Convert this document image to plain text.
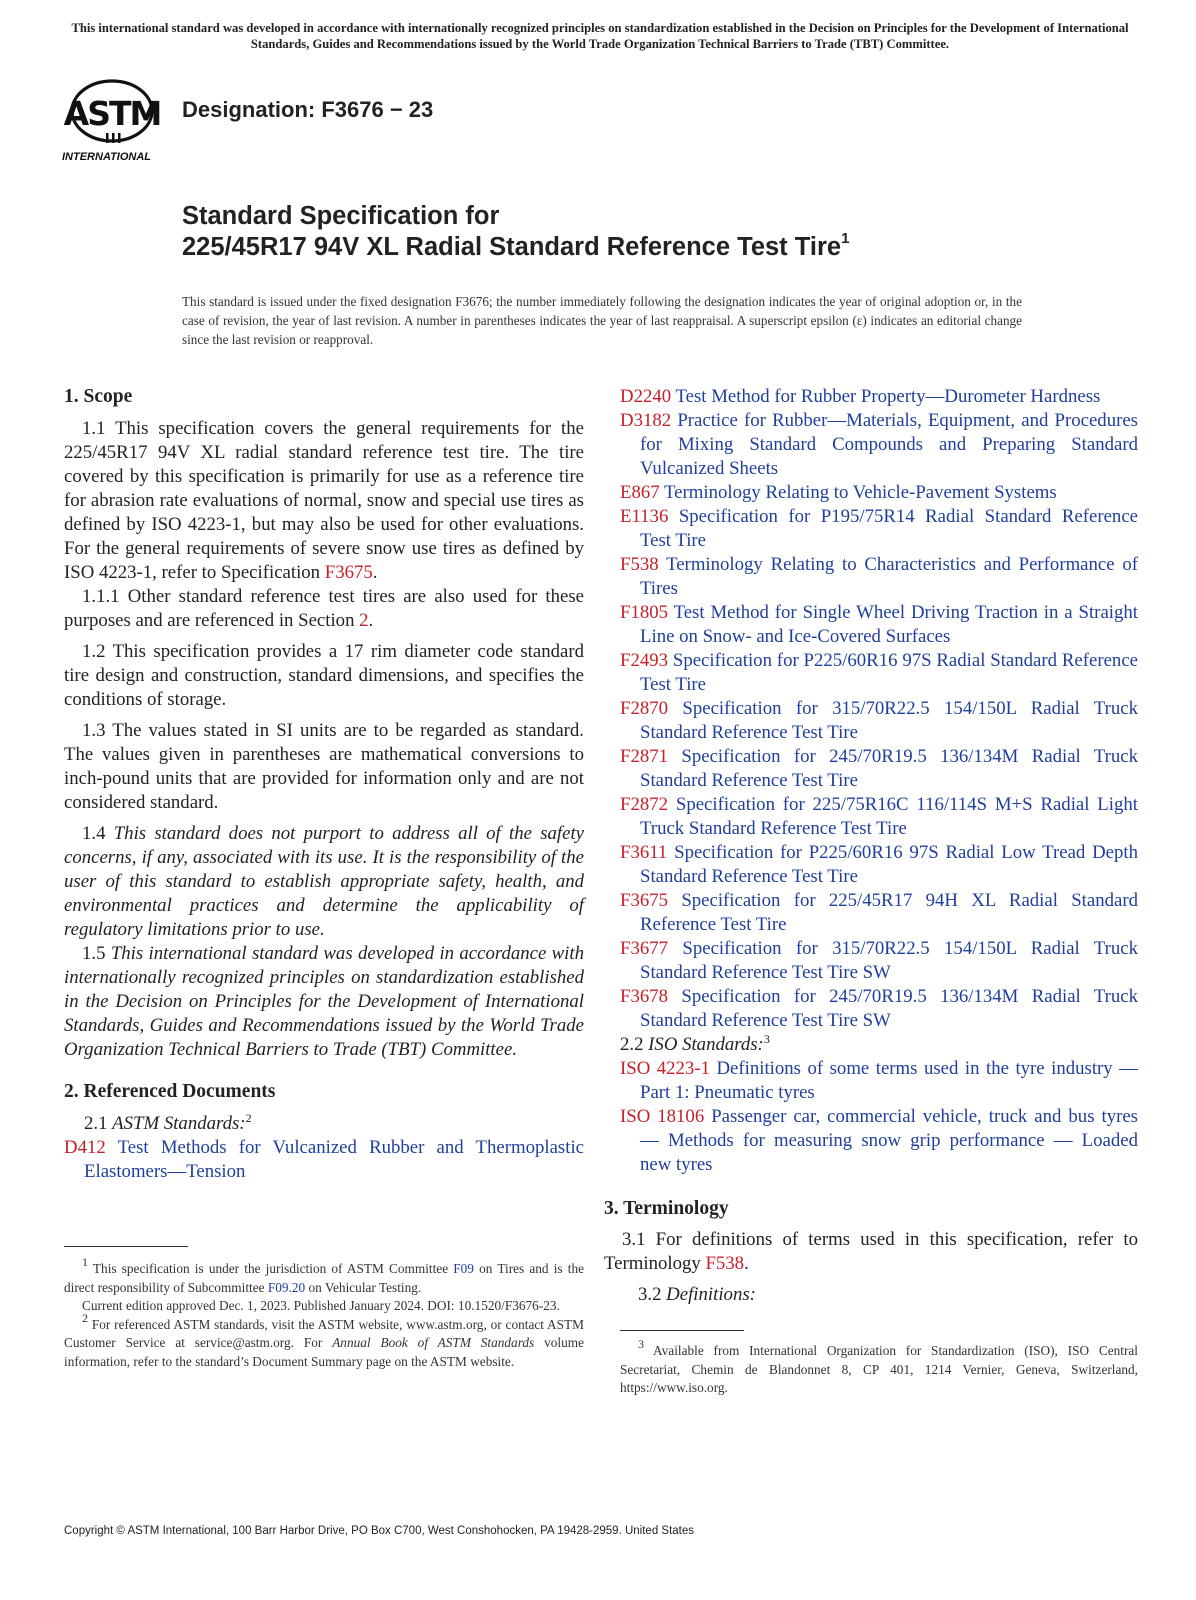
This international standard was developed in accordance with internationally recognized principles on standardization established in the Decision on Principles for the Development of International Standards, Guides and Recommendations issued by the World Trade Organization Technical Barriers to Trade (TBT) Committee.
ASTM
INTERNATIONAL
Designation: F3676 − 23
Standard Specification for
225/45R17 94V XL Radial Standard Reference Test Tire$^1$
This standard is issued under the fixed designation F3676; the number immediately following the designation indicates the year of original adoption or, in the case of revision, the year of last revision. A number in parentheses indicates the year of last reappraisal. A superscript epsilon (ε) indicates an editorial change since the last revision or reapproval.

1. Scope

1.1 This specification covers the general requirements for the 225/45R17 94V XL radial standard reference test tire. The tire covered by this specification is primarily for use as a reference tire for abrasion rate evaluations of normal, snow and special use tires as defined by ISO 4223-1, but may also be used for other evaluations. For the general requirements of severe snow use tires as defined by ISO 4223-1, refer to Specification F3675.

1.1.1 Other standard reference test tires are also used for these purposes and are referenced in Section 2.

1.2 This specification provides a 17 rim diameter code standard tire design and construction, standard dimensions, and specifies the conditions of storage.

1.3 The values stated in SI units are to be regarded as standard. The values given in parentheses are mathematical conversions to inch-pound units that are provided for information only and are not considered standard.

1.4 This standard does not purport to address all of the safety concerns, if any, associated with its use. It is the responsibility of the user of this standard to establish appropriate safety, health, and environmental practices and determine the applicability of regulatory limitations prior to use.

1.5 This international standard was developed in accordance with internationally recognized principles on standardization established in the Decision on Principles for the Development of International Standards, Guides and Recommendations issued by the World Trade Organization Technical Barriers to Trade (TBT) Committee.

2. Referenced Documents

2.1 ASTM Standards:$^2$

D412 Test Methods for Vulcanized Rubber and Thermoplastic Elastomers—Tension

D2240 Test Method for Rubber Property—Durometer Hardness

D3182 Practice for Rubber—Materials, Equipment, and Procedures for Mixing Standard Compounds and Preparing Standard Vulcanized Sheets

E867 Terminology Relating to Vehicle-Pavement Systems

E1136 Specification for P195/75R14 Radial Standard Reference Test Tire

F538 Terminology Relating to Characteristics and Performance of Tires

F1805 Test Method for Single Wheel Driving Traction in a Straight Line on Snow- and Ice-Covered Surfaces

F2493 Specification for P225/60R16 97S Radial Standard Reference Test Tire

F2870 Specification for 315/70R22.5 154/150L Radial Truck Standard Reference Test Tire

F2871 Specification for 245/70R19.5 136/134M Radial Truck Standard Reference Test Tire

F2872 Specification for 225/75R16C 116/114S M+S Radial Light Truck Standard Reference Test Tire

F3611 Specification for P225/60R16 97S Radial Low Tread Depth Standard Reference Test Tire

F3675 Specification for 225/45R17 94H XL Radial Standard Reference Test Tire

F3677 Specification for 315/70R22.5 154/150L Radial Truck Standard Reference Test Tire SW

F3678 Specification for 245/70R19.5 136/134M Radial Truck Standard Reference Test Tire SW

2.2 ISO Standards:$^3$

ISO 4223-1 Definitions of some terms used in the tyre industry — Part 1: Pneumatic tyres

ISO 18106 Passenger car, commercial vehicle, truck and bus tyres — Methods for measuring snow grip performance — Loaded new tyres

3. Terminology

3.1 For definitions of terms used in this specification, refer to Terminology F538.

3.2 Definitions:

$^1$ This specification is under the jurisdiction of ASTM Committee F09 on Tires and is the direct responsibility of Subcommittee F09.20 on Vehicular Testing.

Current edition approved Dec. 1, 2023. Published January 2024. DOI: 10.1520/F3676-23.

$^2$ For referenced ASTM standards, visit the ASTM website, www.astm.org, or contact ASTM Customer Service at service@astm.org. For Annual Book of ASTM Standards volume information, refer to the standard’s Document Summary page on the ASTM website.

$^3$ Available from International Organization for Standardization (ISO), ISO Central Secretariat, Chemin de Blandonnet 8, CP 401, 1214 Vernier, Geneva, Switzerland, https://www.iso.org.

Copyright © ASTM International, 100 Barr Harbor Drive, PO Box C700, West Conshohocken, PA 19428-2959. United States
